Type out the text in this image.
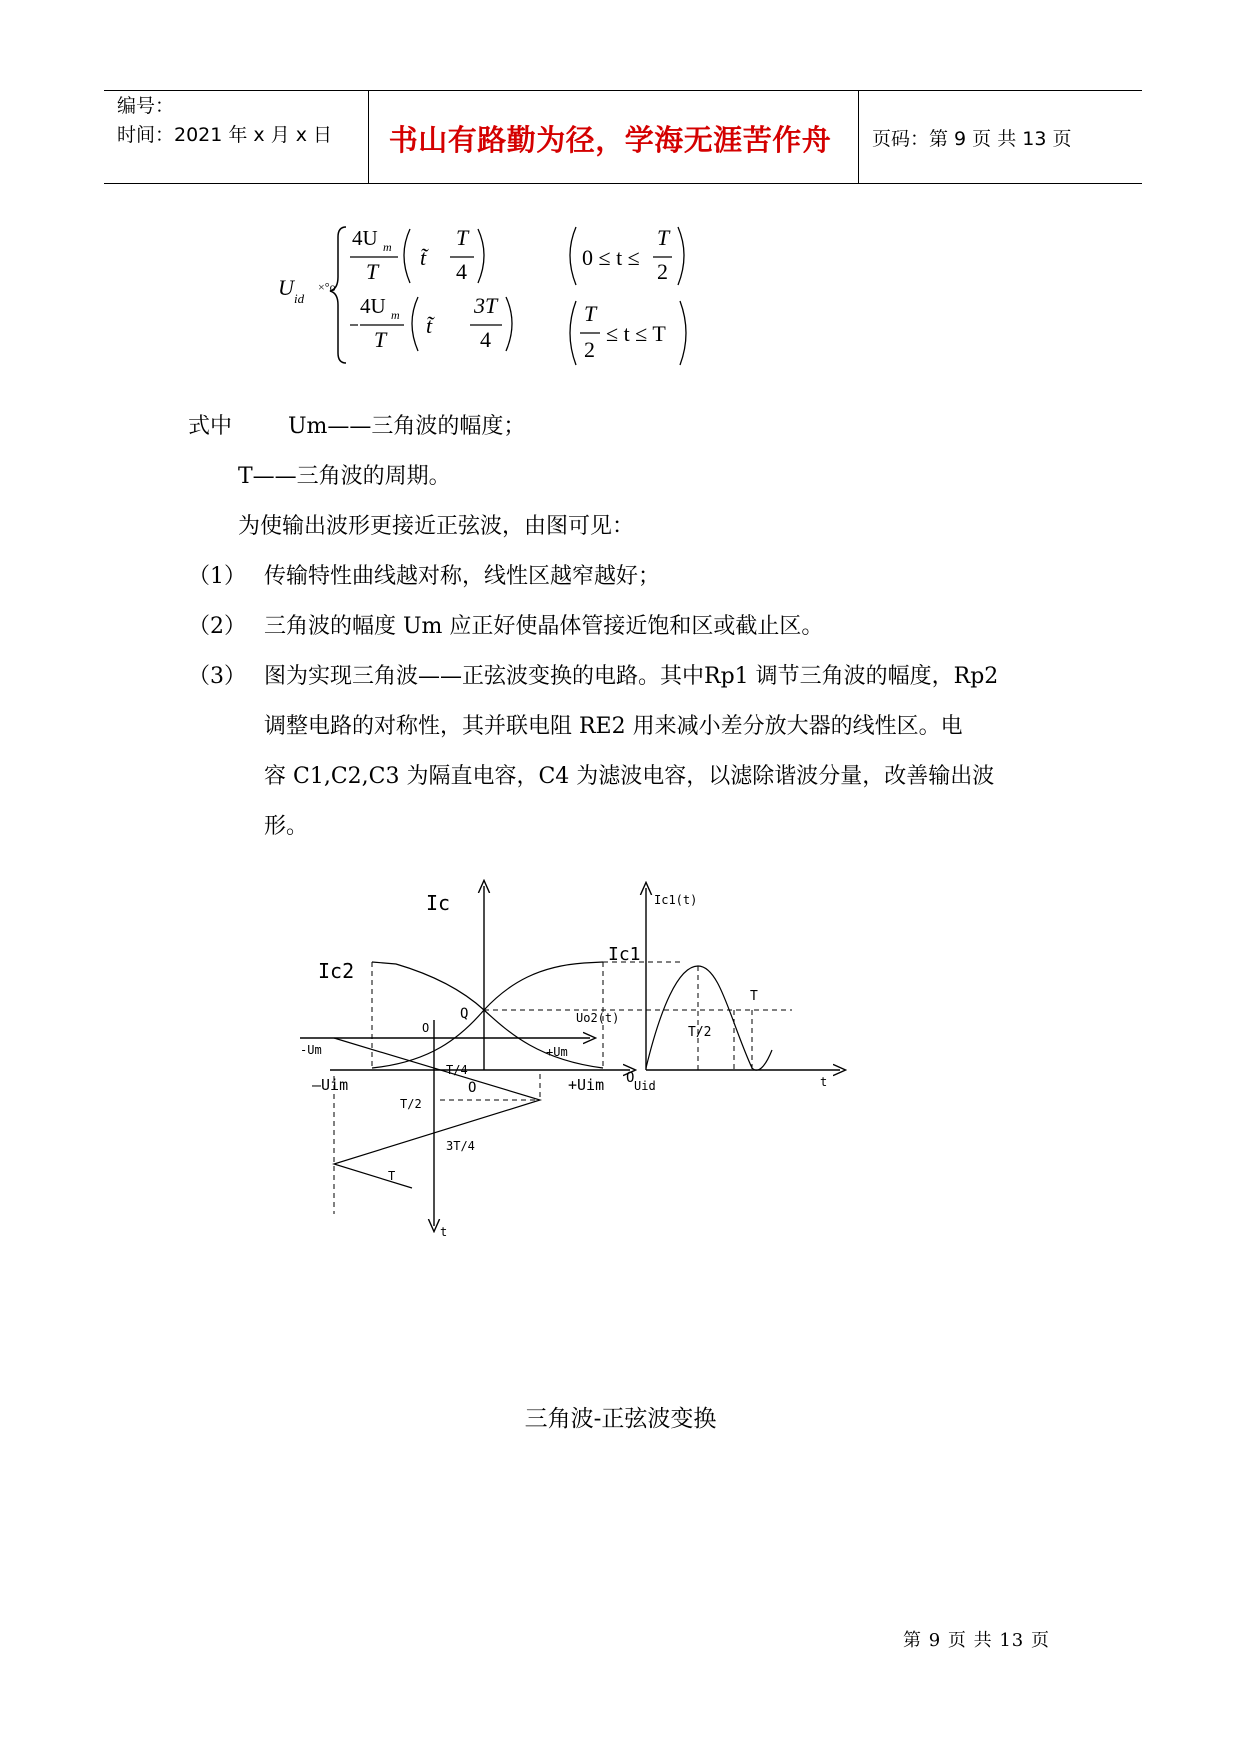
编号：
时间：2021 年 x 月 x 日	书山有路勤为径，学海无涯苦作舟	页码：第 9 页 共 13 页
U id
×°o
4U m
T
t̃
T
4
0 ≤ t ≤
T
2
4U m
T
t̃
3T
4
T
2
≤ t ≤ T
式中	Um——三角波的幅度；
T——三角波的周期。
为使输出波形更接近正弦波，由图可见：
（1） 传输特性曲线越对称，线性区越窄越好；
（2） 三角波的幅度 Um 应正好使晶体管接近饱和区或截止区。
（3） 图为实现三角波——正弦波变换的电路。其中Rp1 调节三角波的幅度，Rp2
调整电路的对称性，其并联电阻 RE2 用来减小差分放大器的线性区。电
容 C1,C2,C3 为隔直电容，C4 为滤波电容，以滤除谐波分量，改善输出波
形。
Ic
Ic2
Ic1
Q
—Uim	O	+Uim Uid
Ic1(t)
O	t
T/2
T
Uo2(t)
-Um
O
+Um
T/4
T/2
3T/4
T
t
三角波-正弦波变换
第 9 页 共 13 页
